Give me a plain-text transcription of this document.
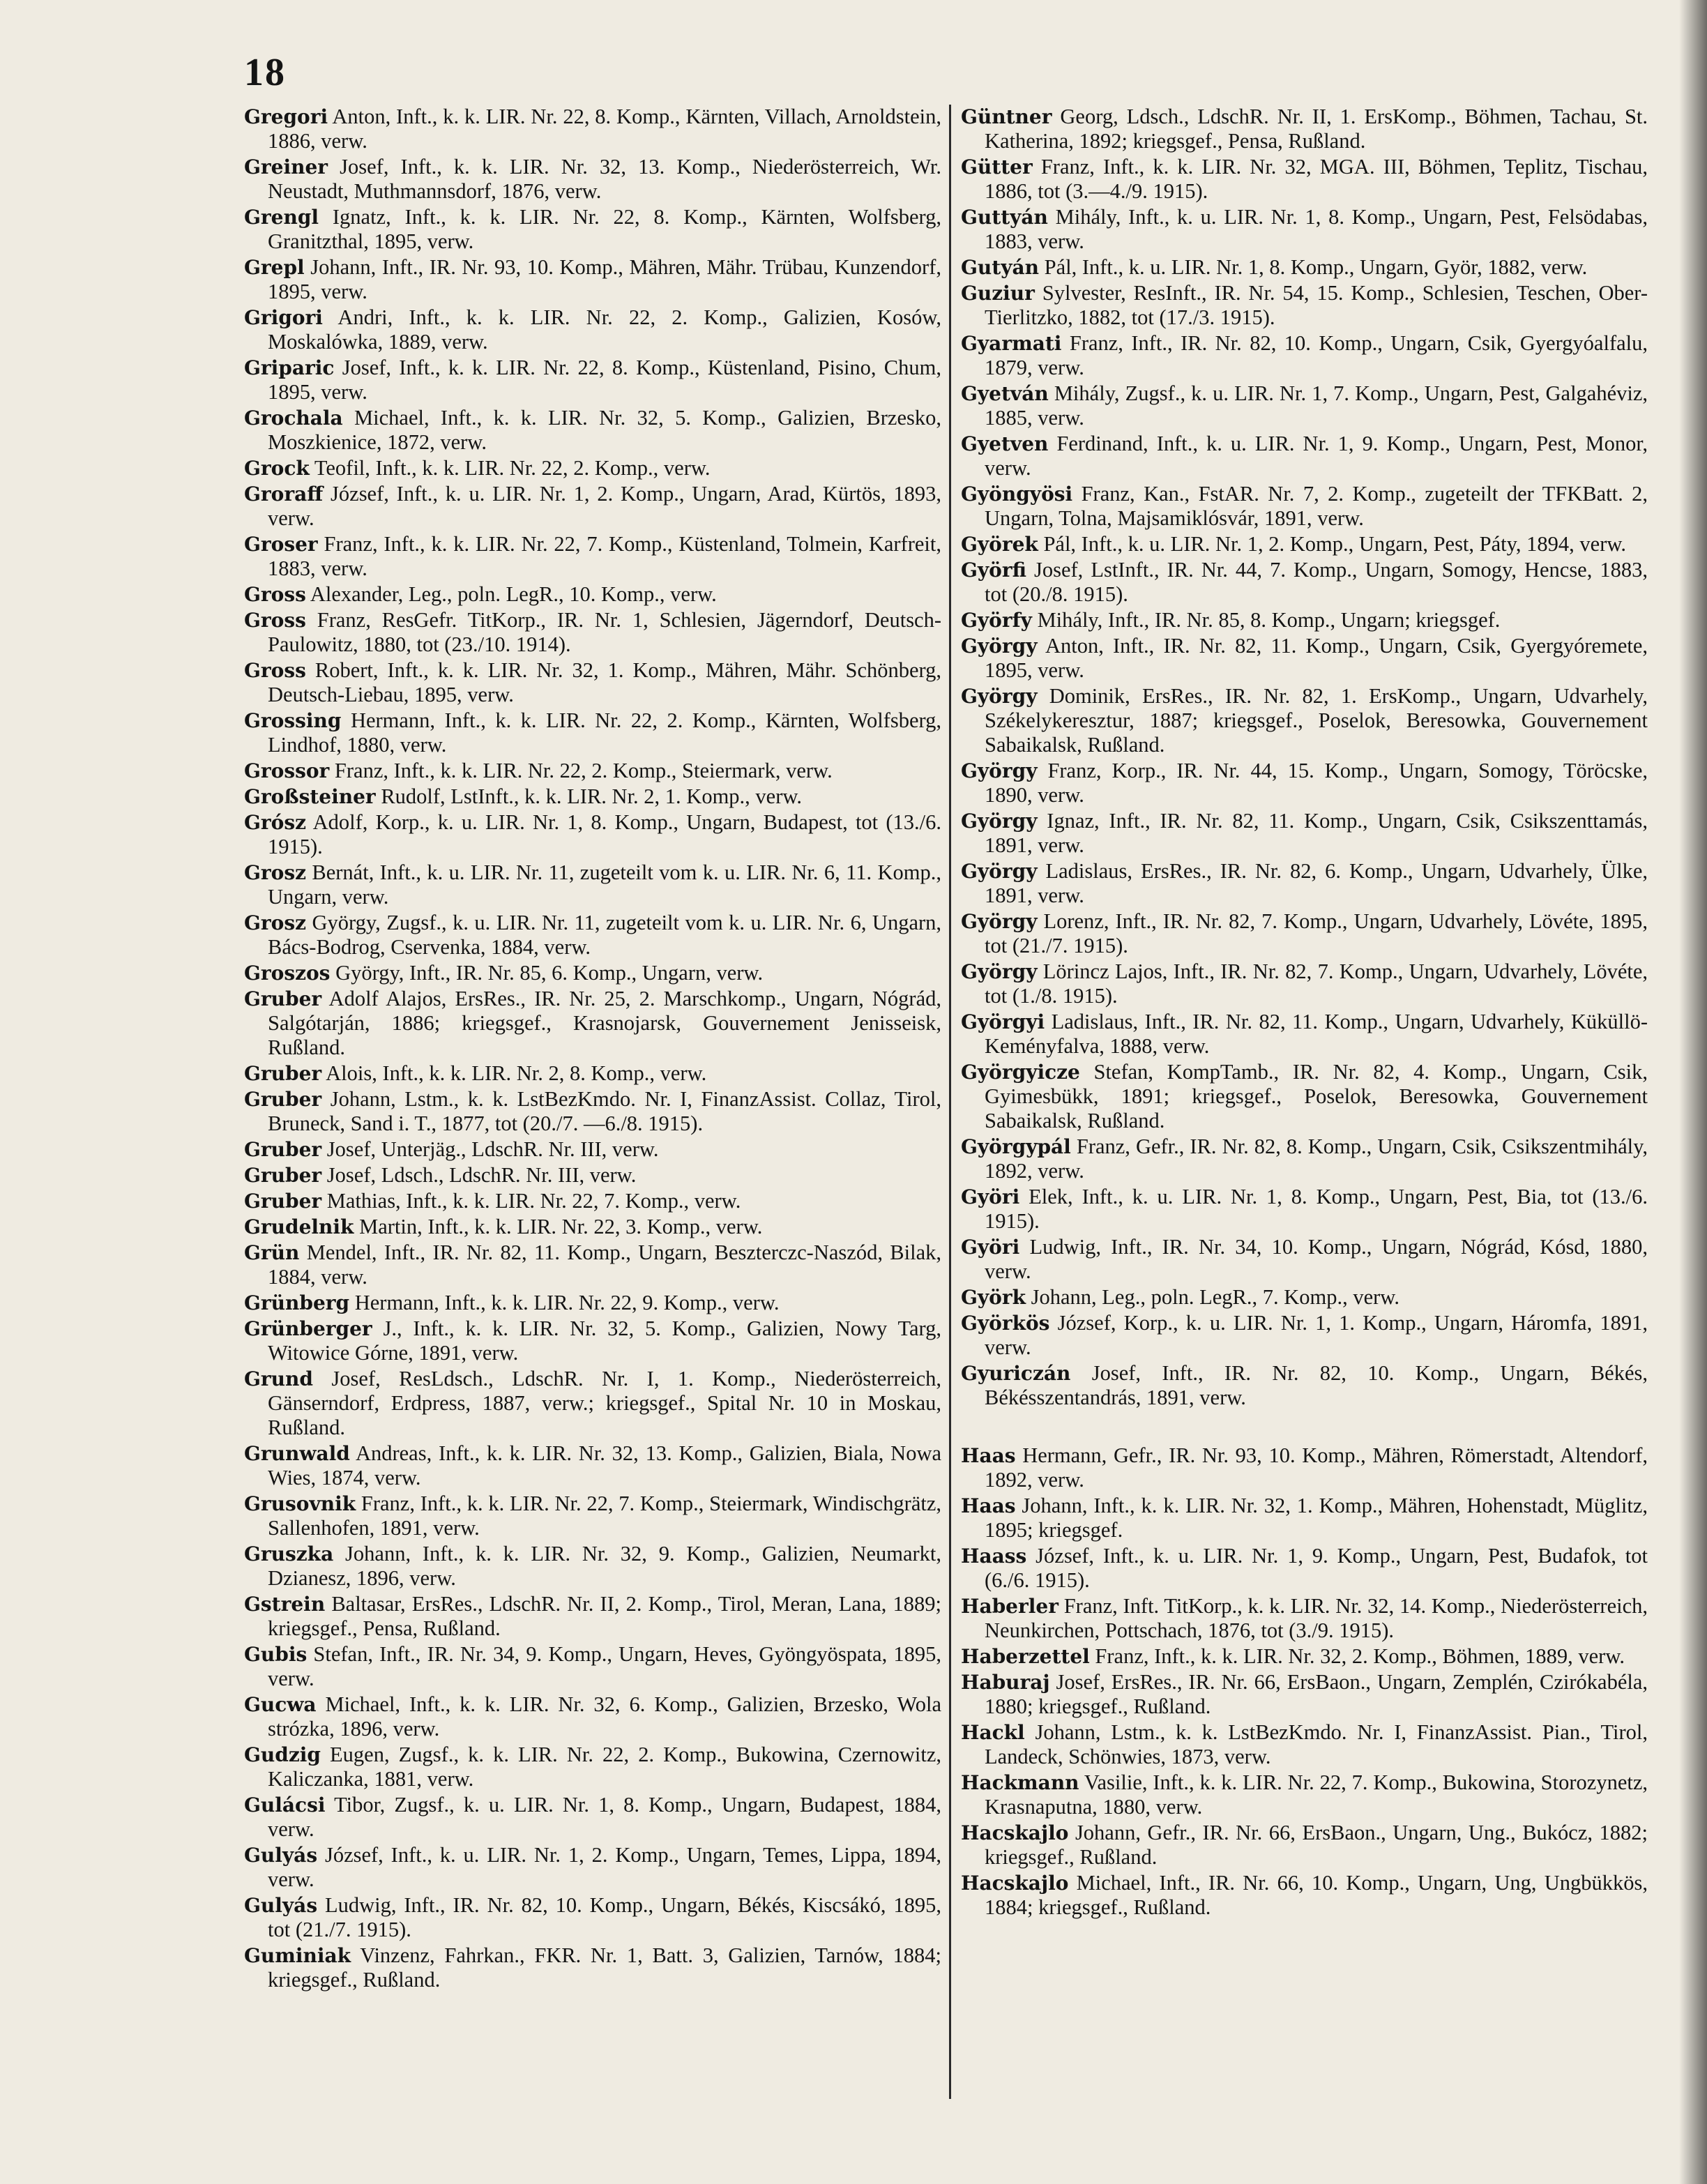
18

Gregori Anton, Inft., k. k. LIR. Nr. 22, 8. Komp., Kärnten, Villach, Arnoldstein, 1886, verw.

Greiner Josef, Inft., k. k. LIR. Nr. 32, 13. Komp., Niederösterreich, Wr. Neustadt, Muthmannsdorf, 1876, verw.

Grengl Ignatz, Inft., k. k. LIR. Nr. 22, 8. Komp., Kärnten, Wolfsberg, Granitzthal, 1895, verw.

Grepl Johann, Inft., IR. Nr. 93, 10. Komp., Mähren, Mähr. Trübau, Kunzendorf, 1895, verw.

Grigori Andri, Inft., k. k. LIR. Nr. 22, 2. Komp., Galizien, Kosów, Moskalówka, 1889, verw.

Griparic Josef, Inft., k. k. LIR. Nr. 22, 8. Komp., Küstenland, Pisino, Chum, 1895, verw.

Grochala Michael, Inft., k. k. LIR. Nr. 32, 5. Komp., Galizien, Brzesko, Moszkienice, 1872, verw.

Grock Teofil, Inft., k. k. LIR. Nr. 22, 2. Komp., verw.

Groraff József, Inft., k. u. LIR. Nr. 1, 2. Komp., Ungarn, Arad, Kürtös, 1893, verw.

Groser Franz, Inft., k. k. LIR. Nr. 22, 7. Komp., Küstenland, Tolmein, Karfreit, 1883, verw.

Gross Alexander, Leg., poln. LegR., 10. Komp., verw.

Gross Franz, ResGefr. TitKorp., IR. Nr. 1, Schlesien, Jägerndorf, Deutsch-Paulowitz, 1880, tot (23./10. 1914).

Gross Robert, Inft., k. k. LIR. Nr. 32, 1. Komp., Mähren, Mähr. Schönberg, Deutsch-Liebau, 1895, verw.

Grossing Hermann, Inft., k. k. LIR. Nr. 22, 2. Komp., Kärnten, Wolfsberg, Lindhof, 1880, verw.

Grossor Franz, Inft., k. k. LIR. Nr. 22, 2. Komp., Steiermark, verw.

Großsteiner Rudolf, LstInft., k. k. LIR. Nr. 2, 1. Komp., verw.

Grósz Adolf, Korp., k. u. LIR. Nr. 1, 8. Komp., Ungarn, Budapest, tot (13./6. 1915).

Grosz Bernát, Inft., k. u. LIR. Nr. 11, zugeteilt vom k. u. LIR. Nr. 6, 11. Komp., Ungarn, verw.

Grosz György, Zugsf., k. u. LIR. Nr. 11, zugeteilt vom k. u. LIR. Nr. 6, Ungarn, Bács-Bodrog, Cservenka, 1884, verw.

Groszos György, Inft., IR. Nr. 85, 6. Komp., Ungarn, verw.

Gruber Adolf Alajos, ErsRes., IR. Nr. 25, 2. Marschkomp., Ungarn, Nógrád, Salgótarján, 1886; kriegsgef., Krasnojarsk, Gouvernement Jenisseisk, Rußland.

Gruber Alois, Inft., k. k. LIR. Nr. 2, 8. Komp., verw.

Gruber Johann, Lstm., k. k. LstBezKmdo. Nr. I, FinanzAssist. Collaz, Tirol, Bruneck, Sand i. T., 1877, tot (20./7. —6./8. 1915).

Gruber Josef, Unterjäg., LdschR. Nr. III, verw.

Gruber Josef, Ldsch., LdschR. Nr. III, verw.

Gruber Mathias, Inft., k. k. LIR. Nr. 22, 7. Komp., verw.

Grudelnik Martin, Inft., k. k. LIR. Nr. 22, 3. Komp., verw.

Grün Mendel, Inft., IR. Nr. 82, 11. Komp., Ungarn, Beszterczc-Naszód, Bilak, 1884, verw.

Grünberg Hermann, Inft., k. k. LIR. Nr. 22, 9. Komp., verw.

Grünberger J., Inft., k. k. LIR. Nr. 32, 5. Komp., Galizien, Nowy Targ, Witowice Górne, 1891, verw.

Grund Josef, ResLdsch., LdschR. Nr. I, 1. Komp., Niederösterreich, Gänserndorf, Erdpress, 1887, verw.; kriegsgef., Spital Nr. 10 in Moskau, Rußland.

Grunwald Andreas, Inft., k. k. LIR. Nr. 32, 13. Komp., Galizien, Biala, Nowa Wies, 1874, verw.

Grusovnik Franz, Inft., k. k. LIR. Nr. 22, 7. Komp., Steiermark, Windischgrätz, Sallenhofen, 1891, verw.

Gruszka Johann, Inft., k. k. LIR. Nr. 32, 9. Komp., Galizien, Neumarkt, Dzianesz, 1896, verw.

Gstrein Baltasar, ErsRes., LdschR. Nr. II, 2. Komp., Tirol, Meran, Lana, 1889; kriegsgef., Pensa, Rußland.

Gubis Stefan, Inft., IR. Nr. 34, 9. Komp., Ungarn, Heves, Gyöngyöspata, 1895, verw.

Gucwa Michael, Inft., k. k. LIR. Nr. 32, 6. Komp., Galizien, Brzesko, Wola strózka, 1896, verw.

Gudzig Eugen, Zugsf., k. k. LIR. Nr. 22, 2. Komp., Bukowina, Czernowitz, Kaliczanka, 1881, verw.

Gulácsi Tibor, Zugsf., k. u. LIR. Nr. 1, 8. Komp., Ungarn, Budapest, 1884, verw.

Gulyás József, Inft., k. u. LIR. Nr. 1, 2. Komp., Ungarn, Temes, Lippa, 1894, verw.

Gulyás Ludwig, Inft., IR. Nr. 82, 10. Komp., Ungarn, Békés, Kiscsákó, 1895, tot (21./7. 1915).

Guminiak Vinzenz, Fahrkan., FKR. Nr. 1, Batt. 3, Galizien, Tarnów, 1884; kriegsgef., Rußland.

Güntner Georg, Ldsch., LdschR. Nr. II, 1. ErsKomp., Böhmen, Tachau, St. Katherina, 1892; kriegsgef., Pensa, Rußland.

Gütter Franz, Inft., k. k. LIR. Nr. 32, MGA. III, Böhmen, Teplitz, Tischau, 1886, tot (3.—4./9. 1915).

Guttyán Mihály, Inft., k. u. LIR. Nr. 1, 8. Komp., Ungarn, Pest, Felsödabas, 1883, verw.

Gutyán Pál, Inft., k. u. LIR. Nr. 1, 8. Komp., Ungarn, Györ, 1882, verw.

Guziur Sylvester, ResInft., IR. Nr. 54, 15. Komp., Schlesien, Teschen, Ober-Tierlitzko, 1882, tot (17./3. 1915).

Gyarmati Franz, Inft., IR. Nr. 82, 10. Komp., Ungarn, Csik, Gyergyóalfalu, 1879, verw.

Gyetván Mihály, Zugsf., k. u. LIR. Nr. 1, 7. Komp., Ungarn, Pest, Galgahéviz, 1885, verw.

Gyetven Ferdinand, Inft., k. u. LIR. Nr. 1, 9. Komp., Ungarn, Pest, Monor, verw.

Gyöngyösi Franz, Kan., FstAR. Nr. 7, 2. Komp., zugeteilt der TFKBatt. 2, Ungarn, Tolna, Majsamiklósvár, 1891, verw.

Györek Pál, Inft., k. u. LIR. Nr. 1, 2. Komp., Ungarn, Pest, Páty, 1894, verw.

Györfi Josef, LstInft., IR. Nr. 44, 7. Komp., Ungarn, Somogy, Hencse, 1883, tot (20./8. 1915).

Györfy Mihály, Inft., IR. Nr. 85, 8. Komp., Ungarn; kriegsgef.

György Anton, Inft., IR. Nr. 82, 11. Komp., Ungarn, Csik, Gyergyóremete, 1895, verw.

György Dominik, ErsRes., IR. Nr. 82, 1. ErsKomp., Ungarn, Udvarhely, Székelykeresztur, 1887; kriegsgef., Poselok, Beresowka, Gouvernement Sabaikalsk, Rußland.

György Franz, Korp., IR. Nr. 44, 15. Komp., Ungarn, Somogy, Töröcske, 1890, verw.

György Ignaz, Inft., IR. Nr. 82, 11. Komp., Ungarn, Csik, Csikszenttamás, 1891, verw.

György Ladislaus, ErsRes., IR. Nr. 82, 6. Komp., Ungarn, Udvarhely, Ülke, 1891, verw.

György Lorenz, Inft., IR. Nr. 82, 7. Komp., Ungarn, Udvarhely, Lövéte, 1895, tot (21./7. 1915).

György Lörincz Lajos, Inft., IR. Nr. 82, 7. Komp., Ungarn, Udvarhely, Lövéte, tot (1./8. 1915).

Györgyi Ladislaus, Inft., IR. Nr. 82, 11. Komp., Ungarn, Udvarhely, Küküllö-Keményfalva, 1888, verw.

Györgyicze Stefan, KompTamb., IR. Nr. 82, 4. Komp., Ungarn, Csik, Gyimesbükk, 1891; kriegsgef., Poselok, Beresowka, Gouvernement Sabaikalsk, Rußland.

Györgypál Franz, Gefr., IR. Nr. 82, 8. Komp., Ungarn, Csik, Csikszentmihály, 1892, verw.

Györi Elek, Inft., k. u. LIR. Nr. 1, 8. Komp., Ungarn, Pest, Bia, tot (13./6. 1915).

Györi Ludwig, Inft., IR. Nr. 34, 10. Komp., Ungarn, Nógrád, Kósd, 1880, verw.

Györk Johann, Leg., poln. LegR., 7. Komp., verw.

Györkös József, Korp., k. u. LIR. Nr. 1, 1. Komp., Ungarn, Háromfa, 1891, verw.

Gyuriczán Josef, Inft., IR. Nr. 82, 10. Komp., Ungarn, Békés, Békésszentandrás, 1891, verw.

Haas Hermann, Gefr., IR. Nr. 93, 10. Komp., Mähren, Römerstadt, Altendorf, 1892, verw.

Haas Johann, Inft., k. k. LIR. Nr. 32, 1. Komp., Mähren, Hohenstadt, Müglitz, 1895; kriegsgef.

Haass József, Inft., k. u. LIR. Nr. 1, 9. Komp., Ungarn, Pest, Budafok, tot (6./6. 1915).

Haberler Franz, Inft. TitKorp., k. k. LIR. Nr. 32, 14. Komp., Niederösterreich, Neunkirchen, Pottschach, 1876, tot (3./9. 1915).

Haberzettel Franz, Inft., k. k. LIR. Nr. 32, 2. Komp., Böhmen, 1889, verw.

Haburaj Josef, ErsRes., IR. Nr. 66, ErsBaon., Ungarn, Zemplén, Czirókabéla, 1880; kriegsgef., Rußland.

Hackl Johann, Lstm., k. k. LstBezKmdo. Nr. I, FinanzAssist. Pian., Tirol, Landeck, Schönwies, 1873, verw.

Hackmann Vasilie, Inft., k. k. LIR. Nr. 22, 7. Komp., Bukowina, Storozynetz, Krasnaputna, 1880, verw.

Hacskajlo Johann, Gefr., IR. Nr. 66, ErsBaon., Ungarn, Ung., Bukócz, 1882; kriegsgef., Rußland.

Hacskajlo Michael, Inft., IR. Nr. 66, 10. Komp., Ungarn, Ung, Ungbükkös, 1884; kriegsgef., Rußland.
